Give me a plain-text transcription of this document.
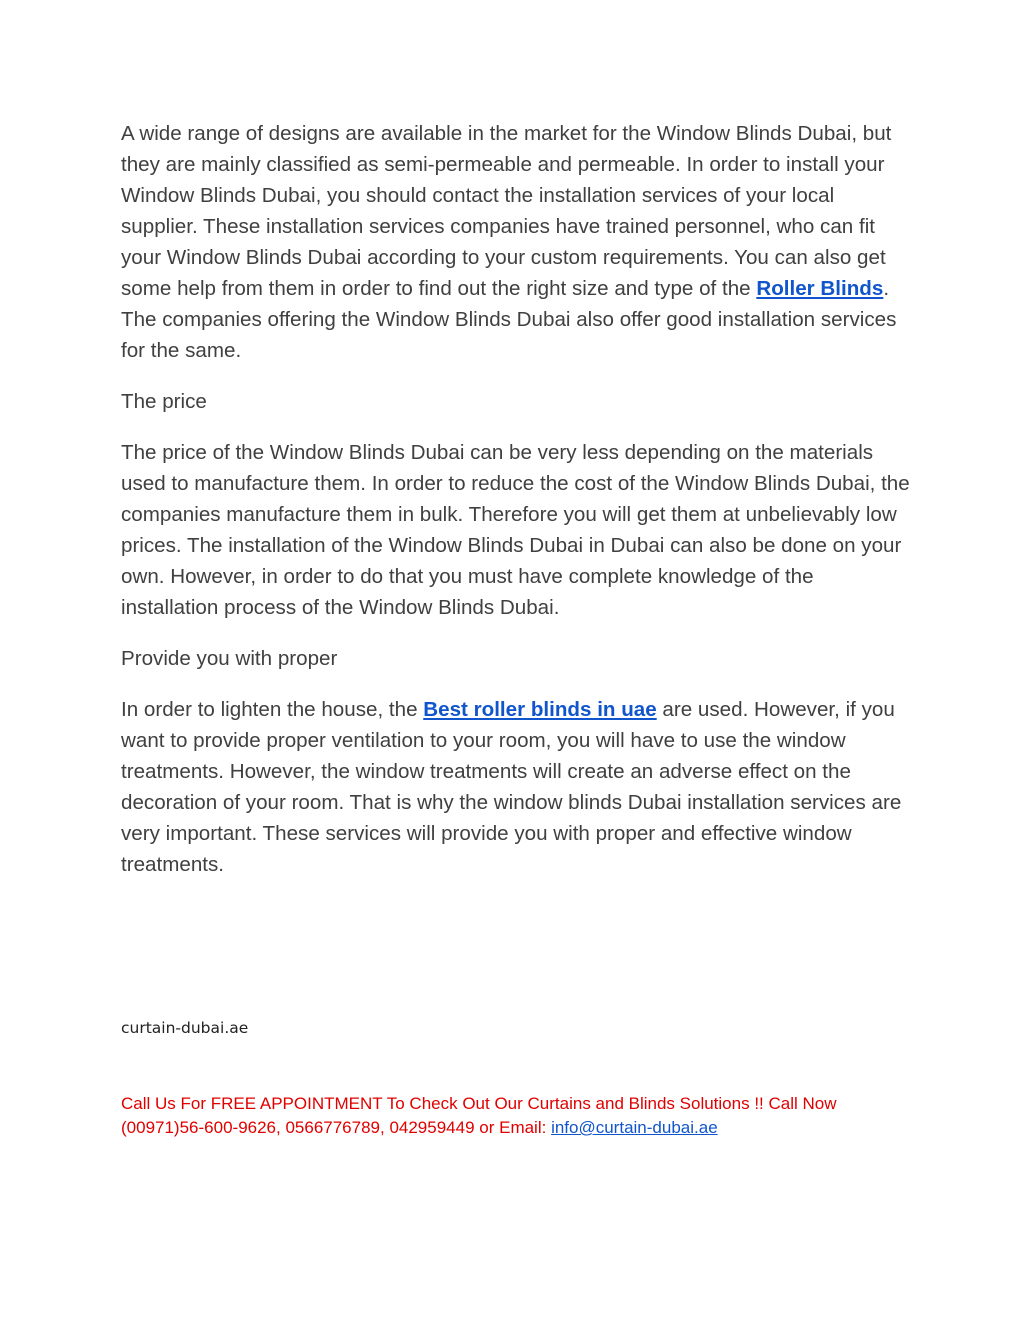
A wide range of designs are available in the market for the Window Blinds Dubai, but they are mainly classified as semi-permeable and permeable. In order to install your Window Blinds Dubai, you should contact the installation services of your local supplier. These installation services companies have trained personnel, who can fit your Window Blinds Dubai according to your custom requirements. You can also get some help from them in order to find out the right size and type of the Roller Blinds. The companies offering the Window Blinds Dubai also offer good installation services for the same.

The price

The price of the Window Blinds Dubai can be very less depending on the materials used to manufacture them. In order to reduce the cost of the Window Blinds Dubai, the companies manufacture them in bulk. Therefore you will get them at unbelievably low prices. The installation of the Window Blinds Dubai in Dubai can also be done on your own. However, in order to do that you must have complete knowledge of the installation process of the Window Blinds Dubai.

Provide you with proper

In order to lighten the house, the Best roller blinds in uae are used. However, if you want to provide proper ventilation to your room, you will have to use the window treatments. However, the window treatments will create an adverse effect on the decoration of your room. That is why the window blinds Dubai installation services are very important. These services will provide you with proper and effective window treatments.

curtain-dubai.ae
Call Us For FREE APPOINTMENT To Check Out Our Curtains and Blinds Solutions !! Call Now (00971)56-600-9626, 0566776789, 042959449 or Email: info@curtain-dubai.ae
